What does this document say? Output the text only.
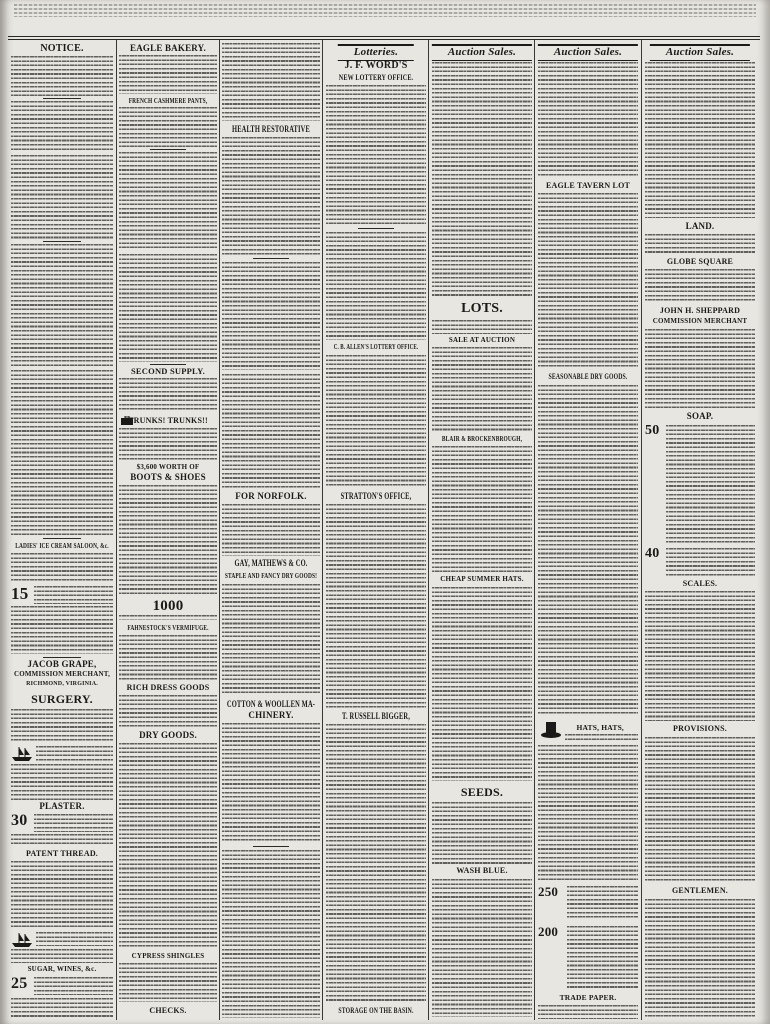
NOTICE.
LADIES' ICE CREAM SALOON, &c.
15
JACOB GRAPE,
COMMISSION MERCHANT,
RICHMOND, VIRGINIA.
SURGERY.
PLASTER.
30
PATENT THREAD.
SUGAR, WINES, &c.
25
EAGLE BAKERY.
FRENCH CASHMERE PANTS,
SECOND SUPPLY.
TRUNKS! TRUNKS!!
$3,600 WORTH OF
BOOTS & SHOES
1000
FAHNESTOCK'S VERMIFUGE.
RICH DRESS GOODS
DRY GOODS.
CYPRESS SHINGLES
CHECKS.
HEALTH RESTORATIVE
FOR NORFOLK.
GAY, MATHEWS & CO.
STAPLE AND FANCY DRY GOODS!
COTTON & WOOLLEN MA-
CHINERY.
Lotteries.
J. F. WORD'S
NEW LOTTERY OFFICE.
C. B. ALLEN'S LOTTERY OFFICE.
STRATTON'S OFFICE,
T. RUSSELL BIGGER,
STORAGE ON THE BASIN.
Auction Sales.
LOTS.
SALE AT AUCTION
BLAIR & BROCKENBROUGH,
CHEAP SUMMER HATS.
SEEDS.
WASH BLUE.
Auction Sales.
EAGLE TAVERN LOT
SEASONABLE DRY GOODS.
HATS, HATS,
250
200
TRADE PAPER.
Auction Sales.
LAND.
GLOBE SQUARE
JOHN H. SHEPPARD
COMMISSION MERCHANT
SOAP.
50
40
SCALES.
PROVISIONS.
GENTLEMEN.
